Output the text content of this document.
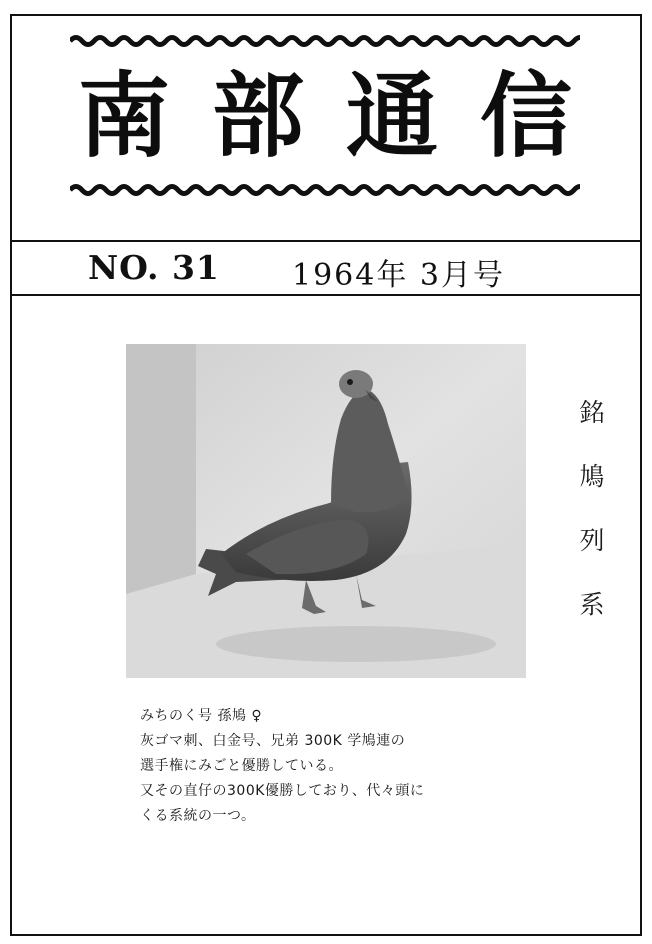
南 部 通 信
NO. 31 1964年 3月号
銘
鳩
列
系
みちのく号 孫鳩 ♀
灰ゴマ刺、白金号、兄弟 300K 学鳩連の
選手権にみごと優勝している。
又その直仔の300K優勝しており、代々頭に
くる系統の一つ。
